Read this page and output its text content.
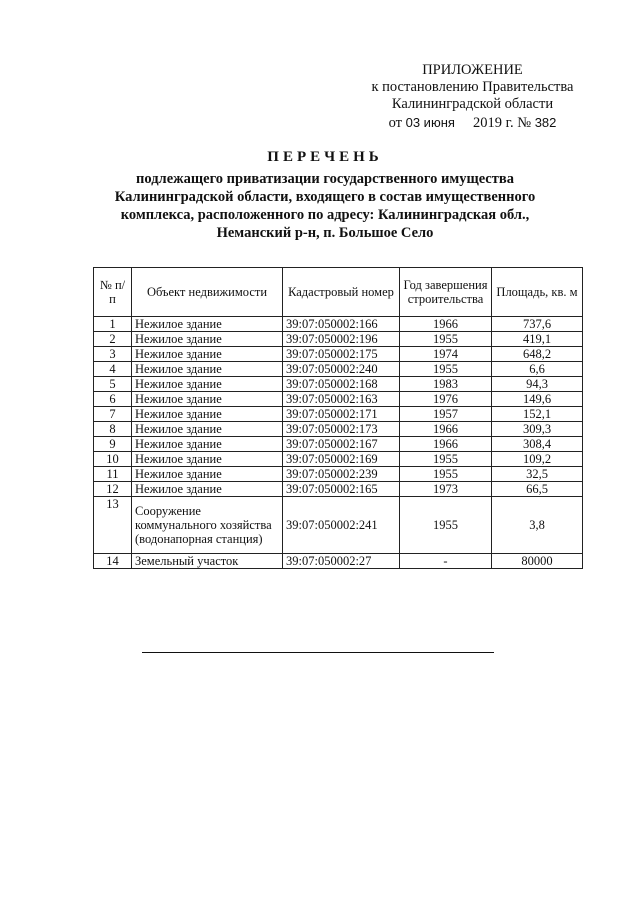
ПРИЛОЖЕНИЕ
к постановлению Правительства
Калининградской области
от 03 июня 2019 г. № 382
ПЕРЕЧЕНЬ
подлежащего приватизации государственного имущества
Калининградской области, входящего в состав имущественного
комплекса, расположенного по адресу: Калининградская обл.,
Неманский р-н, п. Большое Село
№ п/п	Объект недвижимости	Кадастровый номер	Год завершения строительства	Площадь, кв. м
1	Нежилое здание	39:07:050002:166	1966	737,6
2	Нежилое здание	39:07:050002:196	1955	419,1
3	Нежилое здание	39:07:050002:175	1974	648,2
4	Нежилое здание	39:07:050002:240	1955	6,6
5	Нежилое здание	39:07:050002:168	1983	94,3
6	Нежилое здание	39:07:050002:163	1976	149,6
7	Нежилое здание	39:07:050002:171	1957	152,1
8	Нежилое здание	39:07:050002:173	1966	309,3
9	Нежилое здание	39:07:050002:167	1966	308,4
10	Нежилое здание	39:07:050002:169	1955	109,2
11	Нежилое здание	39:07:050002:239	1955	32,5
12	Нежилое здание	39:07:050002:165	1973	66,5
13	Сооружение коммунального хозяйства (водонапорная станция)	39:07:050002:241	1955	3,8
14	Земельный участок	39:07:050002:27	-	80000
